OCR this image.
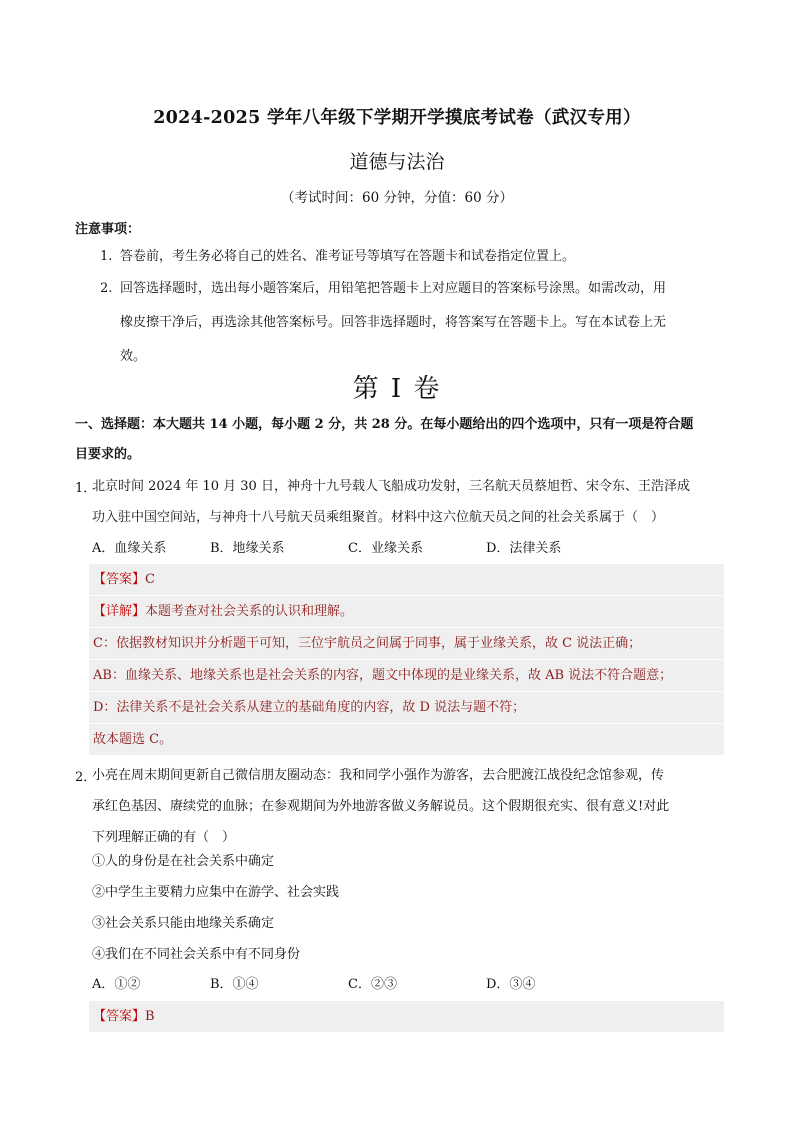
2024-2025 学年八年级下学期开学摸底考试卷（武汉专用）
道德与法治
（考试时间：60 分钟，分值：60 分）
注意事项：
1. 答卷前，考生务必将自己的姓名、准考证号等填写在答题卡和试卷指定位置上。
2. 回答选择题时，选出每小题答案后，用铅笔把答题卡上对应题目的答案标号涂黑。如需改动，用
橡皮擦干净后，再选涂其他答案标号。回答非选择题时，将答案写在答题卡上。写在本试卷上无
效。
第 I 卷
一、选择题：本大题共 14 小题，每小题 2 分，共 28 分。在每小题给出的四个选项中，只有一项是符合题
目要求的。
1．
北京时间 2024 年 10 月 30 日，神舟十九号载人飞船成功发射，三名航天员蔡旭哲、宋令东、王浩泽成
功入驻中国空间站，与神舟十八号航天员乘组聚首。材料中这六位航天员之间的社会关系属于（　）
A．血缘关系	B．地缘关系	C．业缘关系	D．法律关系
【答案】C
【详解】本题考查对社会关系的认识和理解。
C：依据教材知识并分析题干可知，三位宇航员之间属于同事，属于业缘关系，故 C 说法正确；
AB：血缘关系、地缘关系也是社会关系的内容，题文中体现的是业缘关系，故 AB 说法不符合题意；
D：法律关系不是社会关系从建立的基础角度的内容，故 D 说法与题不符；
故本题选 C。
2．
小亮在周末期间更新自己微信朋友圈动态：我和同学小强作为游客，去合肥渡江战役纪念馆参观，传
承红色基因、赓续党的血脉；在参观期间为外地游客做义务解说员。这个假期很充实、很有意义!对此
下列理解正确的有（　）
①人的身份是在社会关系中确定
②中学生主要精力应集中在游学、社会实践
③社会关系只能由地缘关系确定
④我们在不同社会关系中有不同身份
A．①②	B．①④	C．②③	D．③④
【答案】B
